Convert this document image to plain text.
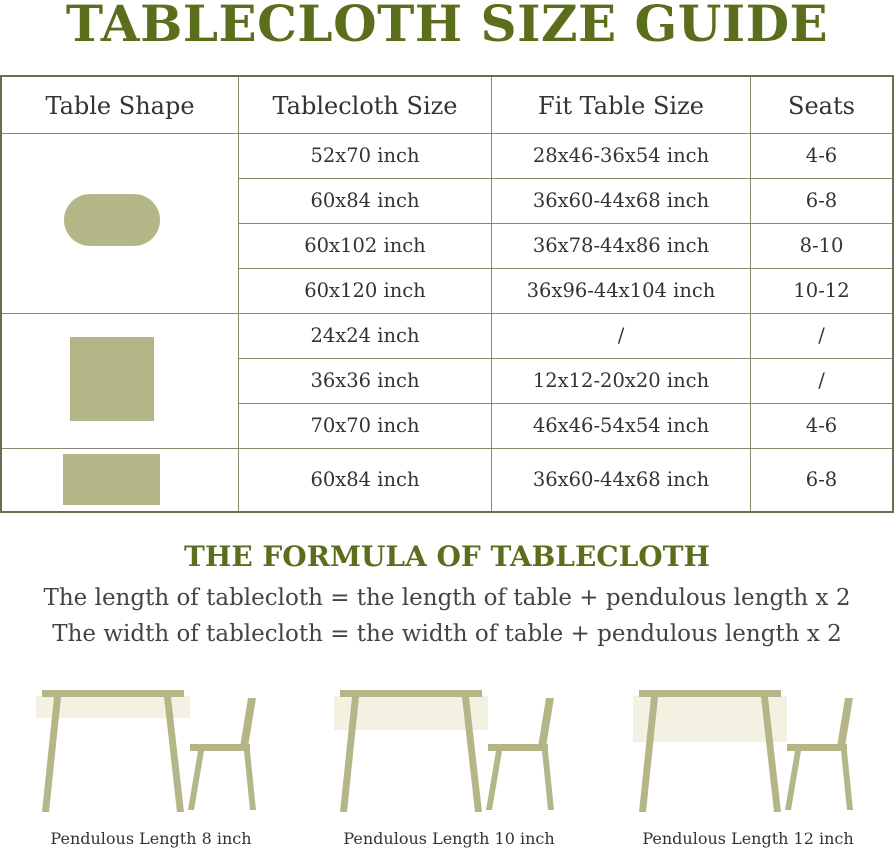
TABLECLOTH SIZE GUIDE
Table Shape	Tablecloth Size	Fit Table Size	Seats
52x70 inch	28x46-36x54 inch	4-6
60x84 inch	36x60-44x68 inch	6-8
60x102 inch	36x78-44x86 inch	8-10
60x120 inch	36x96-44x104 inch	10-12
24x24 inch	/	/
36x36 inch	12x12-20x20 inch	/
70x70 inch	46x46-54x54 inch	4-6
60x84 inch	36x60-44x68 inch	6-8
THE FORMULA OF TABLECLOTH
The length of tablecloth = the length of table + pendulous length x 2
The width of tablecloth = the width of table + pendulous length x 2
Pendulous Length 8 inch	Pendulous Length 10 inch	Pendulous Length 12 inch
